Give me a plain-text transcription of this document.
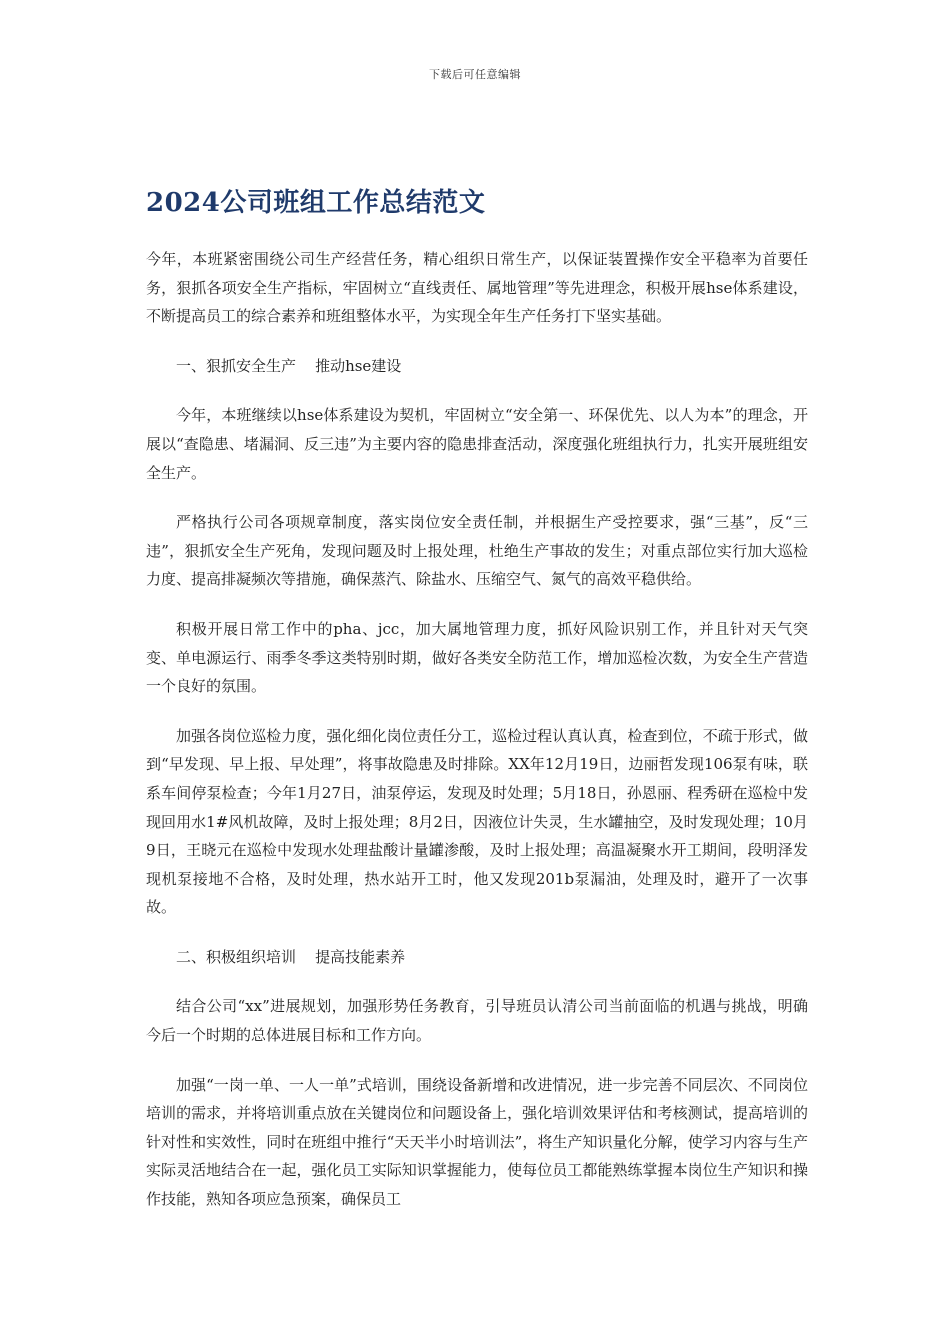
下载后可任意编辑
2024公司班组工作总结范文

今年，本班紧密围绕公司生产经营任务，精心组织日常生产，以保证装置操作安全平稳率为首要任务，狠抓各项安全生产指标，牢固树立“直线责任、属地管理”等先进理念，积极开展hse体系建设，不断提高员工的综合素养和班组整体水平，为实现全年生产任务打下坚实基础。

一、狠抓安全生产    推动hse建设

今年，本班继续以hse体系建设为契机，牢固树立“安全第一、环保优先、以人为本”的理念，开展以“查隐患、堵漏洞、反三违”为主要内容的隐患排查活动，深度强化班组执行力，扎实开展班组安全生产。

严格执行公司各项规章制度，落实岗位安全责任制，并根据生产受控要求，强“三基”，反“三违”，狠抓安全生产死角，发现问题及时上报处理，杜绝生产事故的发生；对重点部位实行加大巡检力度、提高排凝频次等措施，确保蒸汽、除盐水、压缩空气、氮气的高效平稳供给。

积极开展日常工作中的pha、jcc，加大属地管理力度，抓好风险识别工作，并且针对天气突变、单电源运行、雨季冬季这类特别时期，做好各类安全防范工作，增加巡检次数，为安全生产营造一个良好的氛围。

加强各岗位巡检力度，强化细化岗位责任分工，巡检过程认真认真，检查到位，不疏于形式，做到“早发现、早上报、早处理”，将事故隐患及时排除。XX年12月19日，边丽哲发现106泵有味，联系车间停泵检查；今年1月27日，油泵停运，发现及时处理；5月18日，孙恩丽、程秀研在巡检中发现回用水1#风机故障，及时上报处理；8月2日，因液位计失灵，生水罐抽空，及时发现处理；10月9日，王晓元在巡检中发现水处理盐酸计量罐渗酸，及时上报处理；高温凝聚水开工期间，段明泽发现机泵接地不合格，及时处理，热水站开工时，他又发现201b泵漏油，处理及时，避开了一次事故。

二、积极组织培训    提高技能素养

结合公司“xx”进展规划，加强形势任务教育，引导班员认清公司当前面临的机遇与挑战，明确今后一个时期的总体进展目标和工作方向。

加强“一岗一单、一人一单”式培训，围绕设备新增和改进情况，进一步完善不同层次、不同岗位培训的需求，并将培训重点放在关键岗位和问题设备上，强化培训效果评估和考核测试，提高培训的针对性和实效性，同时在班组中推行“天天半小时培训法”，将生产知识量化分解，使学习内容与生产实际灵活地结合在一起，强化员工实际知识掌握能力，使每位员工都能熟练掌握本岗位生产知识和操作技能，熟知各项应急预案，确保员工
